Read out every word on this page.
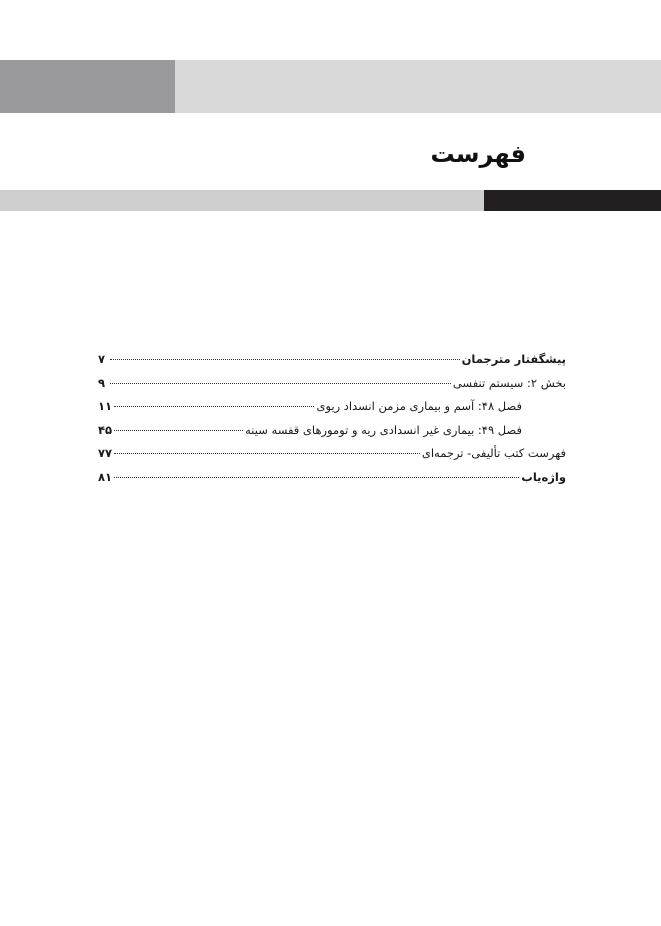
فهرست
پیشگفتار مترجمان
۷
بخش ۲: سیستم تنفسی
۹
فصل ۴۸: آسم و بیماری مزمن انسداد ریوی
۱۱
فصل ۴۹: بیماری غیر انسدادی ریه و تومورهای قفسه سینه
۴۵
فهرست کتب تألیفی- ترجمه‌ای
۷۷
واژه‌یاب
۸۱
